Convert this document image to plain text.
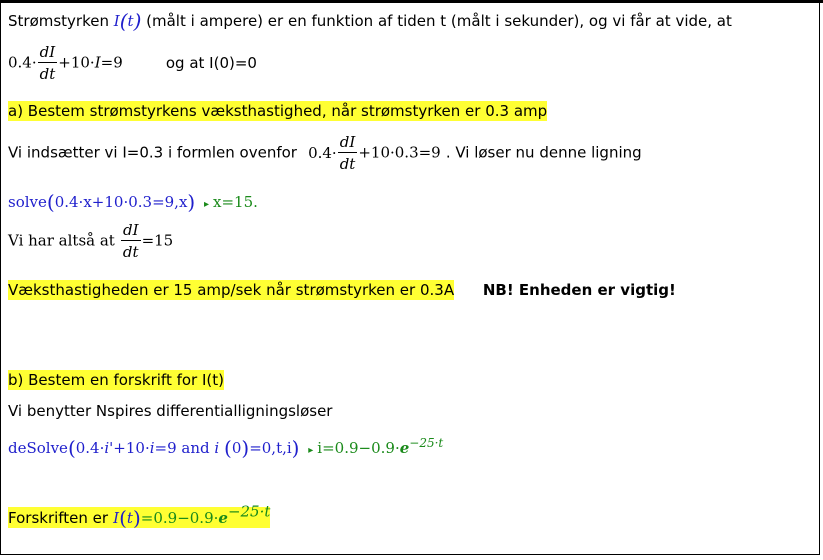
Strømstyrken I(t) (målt i ampere) er en funktion af tiden t (målt i sekunder), og vi får at vide, at
$0.4\cdot \frac{dI}{dt} +10\cdot I=9$	og at I(0)=0
a) Bestem strømstyrkens væksthastighed, når strømstyrken er 0.3 amp
Vi indsætter vi I=0.3 i formlen ovenfor $0.4\cdot \frac{dI}{dt} +10\cdot 0.3=9$ . Vi løser nu denne ligning
solve(0.4·x+10·0.3=9,x) ▸ x=15.
Vi har altså at $\frac{dI}{dt} =15$
Væksthastigheden er 15 amp/sek når strømstyrken er 0.3A NB! Enheden er vigtig!
b) Bestem en forskrift for I(t)
Vi benytter Nspires differentialligningsløser
deSolve(0.4·i'+10·i=9 and i (0)=0,t,i) ▸ $i=0.9-0.9\cdot e^{-25\cdot t}$
Forskriften er $I(t)=0.9-0.9\cdot e^{-25\cdot t}$
